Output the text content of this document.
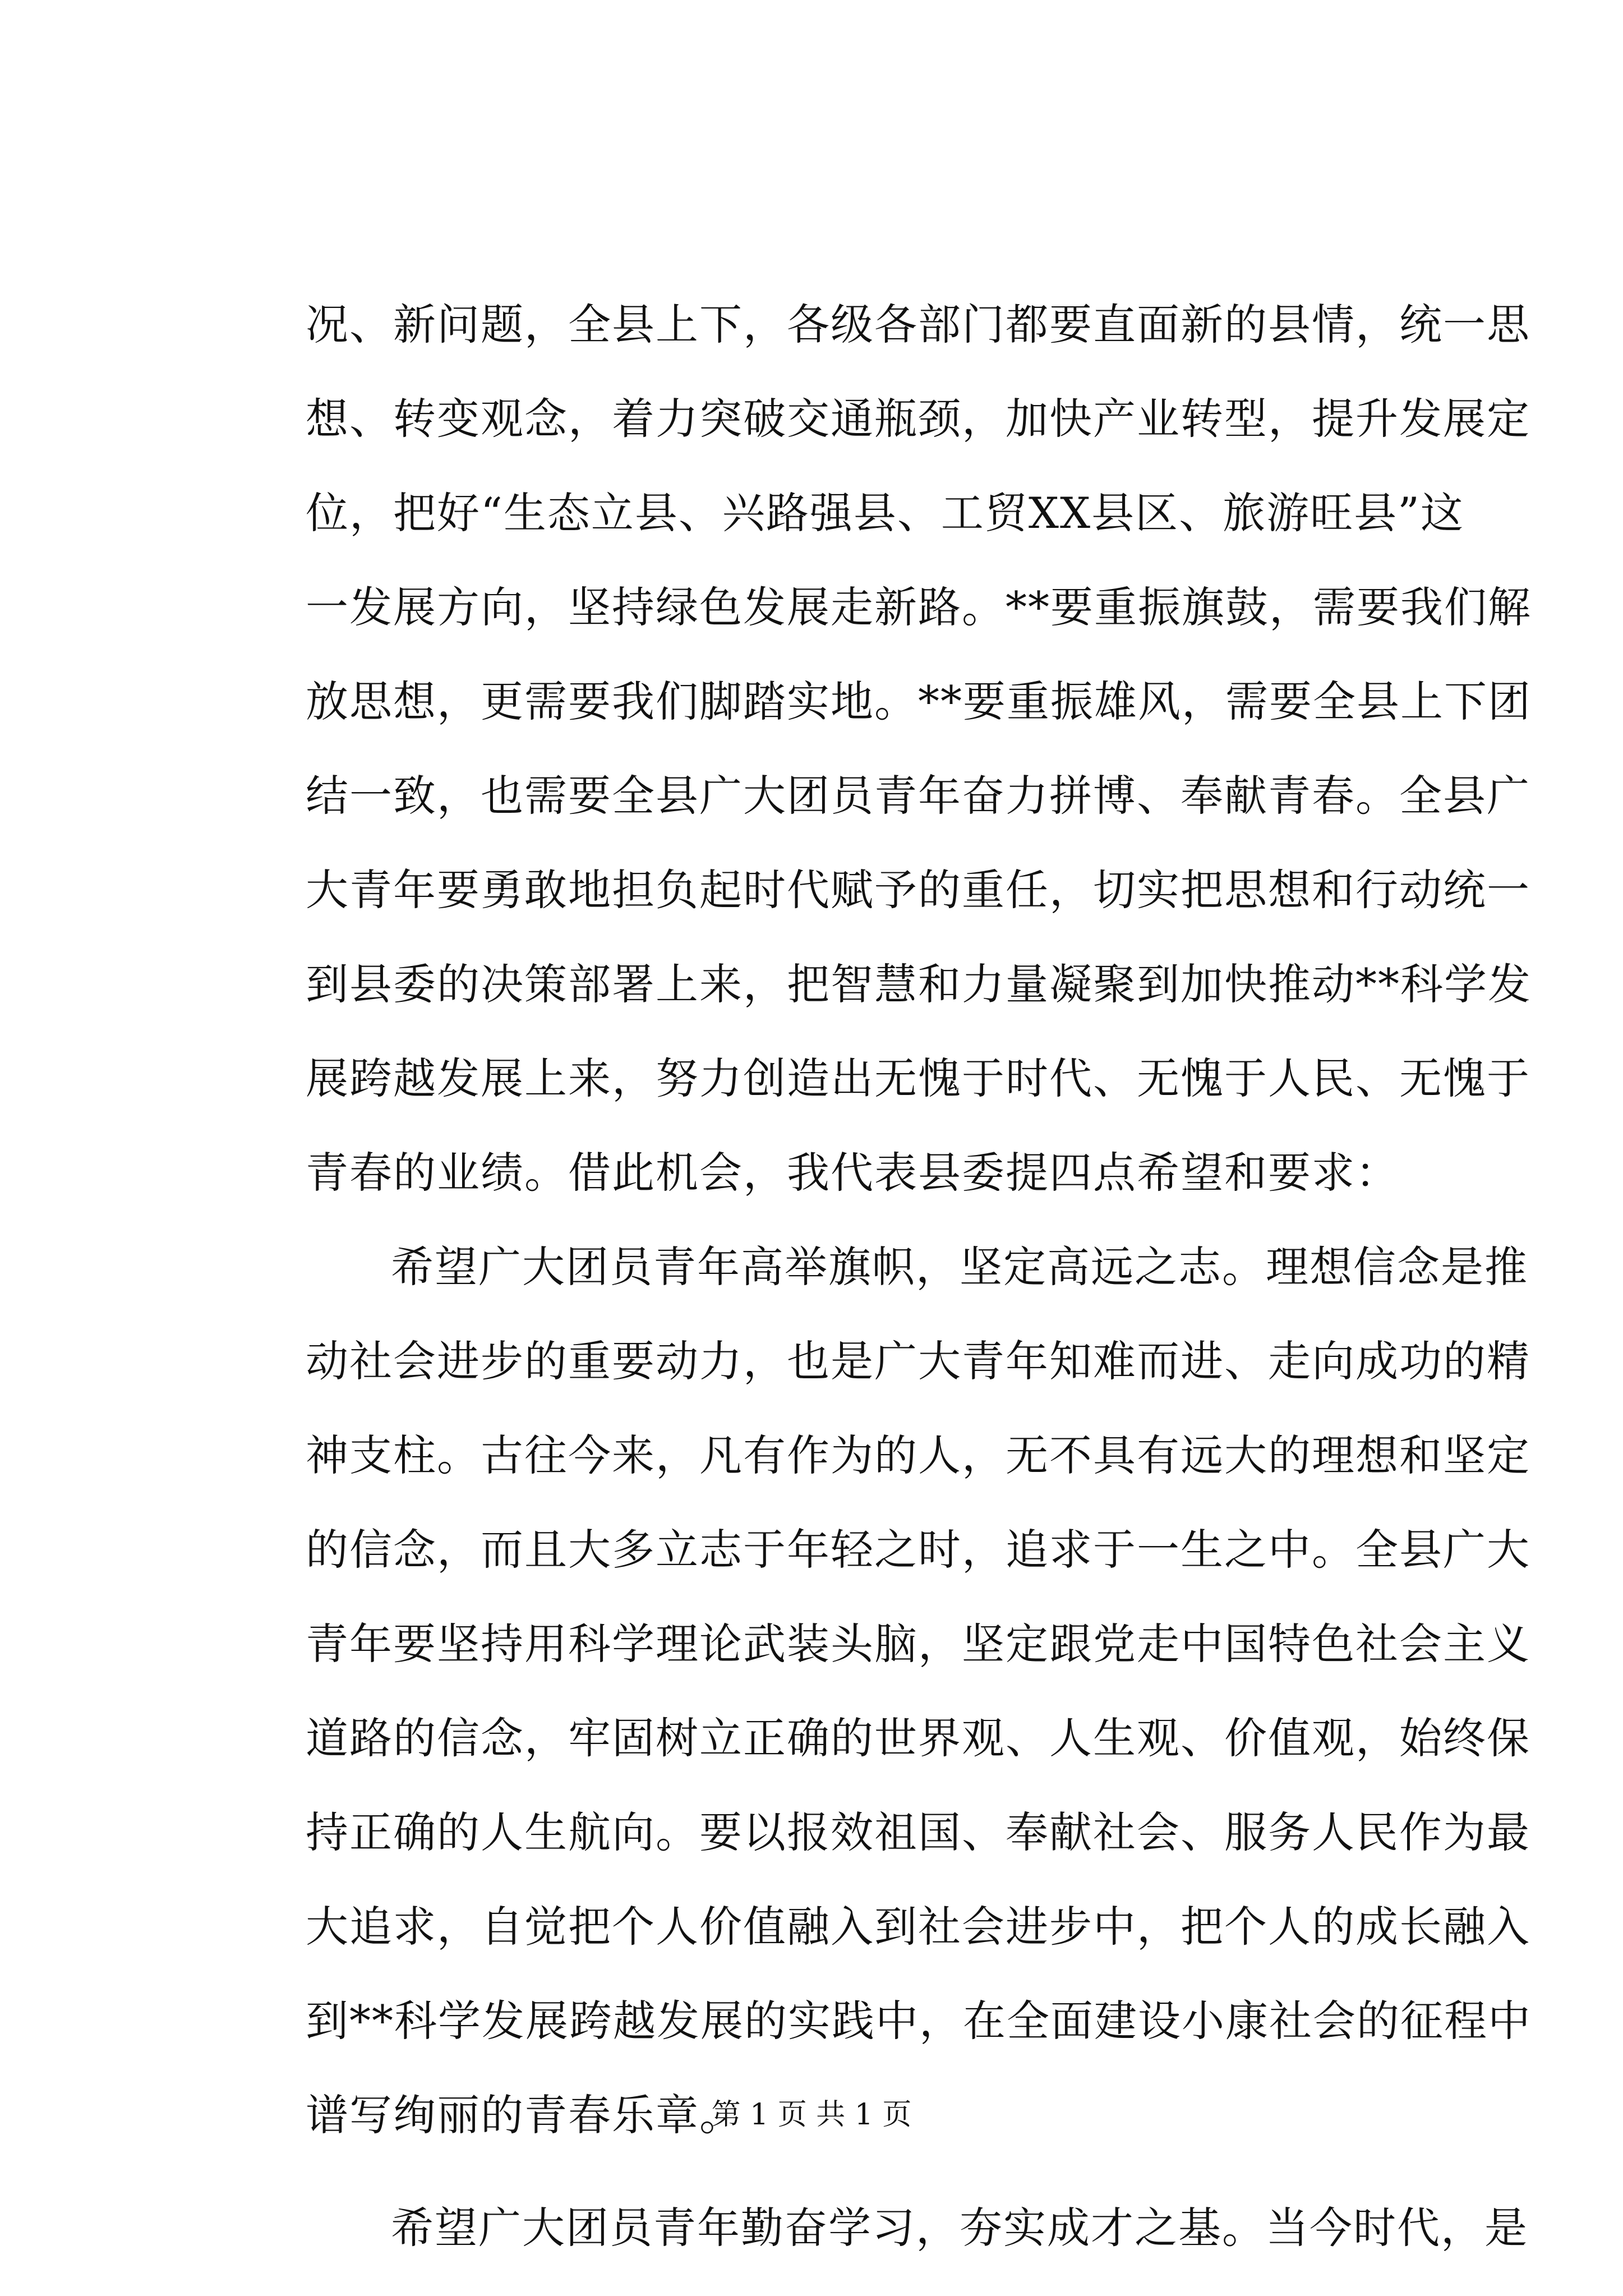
况、新问题，全县上下，各级各部门都要直面新的县情，统一思
想、转变观念，着力突破交通瓶颈，加快产业转型，提升发展定
位，把好“生态立县、兴路强县、工贸XX县区、旅游旺县”这
一发展方向，坚持绿色发展走新路。**要重振旗鼓，需要我们解
放思想，更需要我们脚踏实地。**要重振雄风，需要全县上下团
结一致，也需要全县广大团员青年奋力拼博、奉献青春。全县广
大青年要勇敢地担负起时代赋予的重任，切实把思想和行动统一
到县委的决策部署上来，把智慧和力量凝聚到加快推动**科学发
展跨越发展上来，努力创造出无愧于时代、无愧于人民、无愧于
青春的业绩。借此机会，我代表县委提四点希望和要求：
希望广大团员青年高举旗帜，坚定高远之志。理想信念是推
动社会进步的重要动力，也是广大青年知难而进、走向成功的精
神支柱。古往今来，凡有作为的人，无不具有远大的理想和坚定
的信念，而且大多立志于年轻之时，追求于一生之中。全县广大
青年要坚持用科学理论武装头脑，坚定跟党走中国特色社会主义
道路的信念，牢固树立正确的世界观、人生观、价值观，始终保
持正确的人生航向。要以报效祖国、奉献社会、服务人民作为最
大追求，自觉把个人价值融入到社会进步中，把个人的成长融入
到**科学发展跨越发展的实践中，在全面建设小康社会的征程中
谱写绚丽的青春乐章。
希望广大团员青年勤奋学习，夯实成才之基。当今时代，是
第 1 页 共 1 页
